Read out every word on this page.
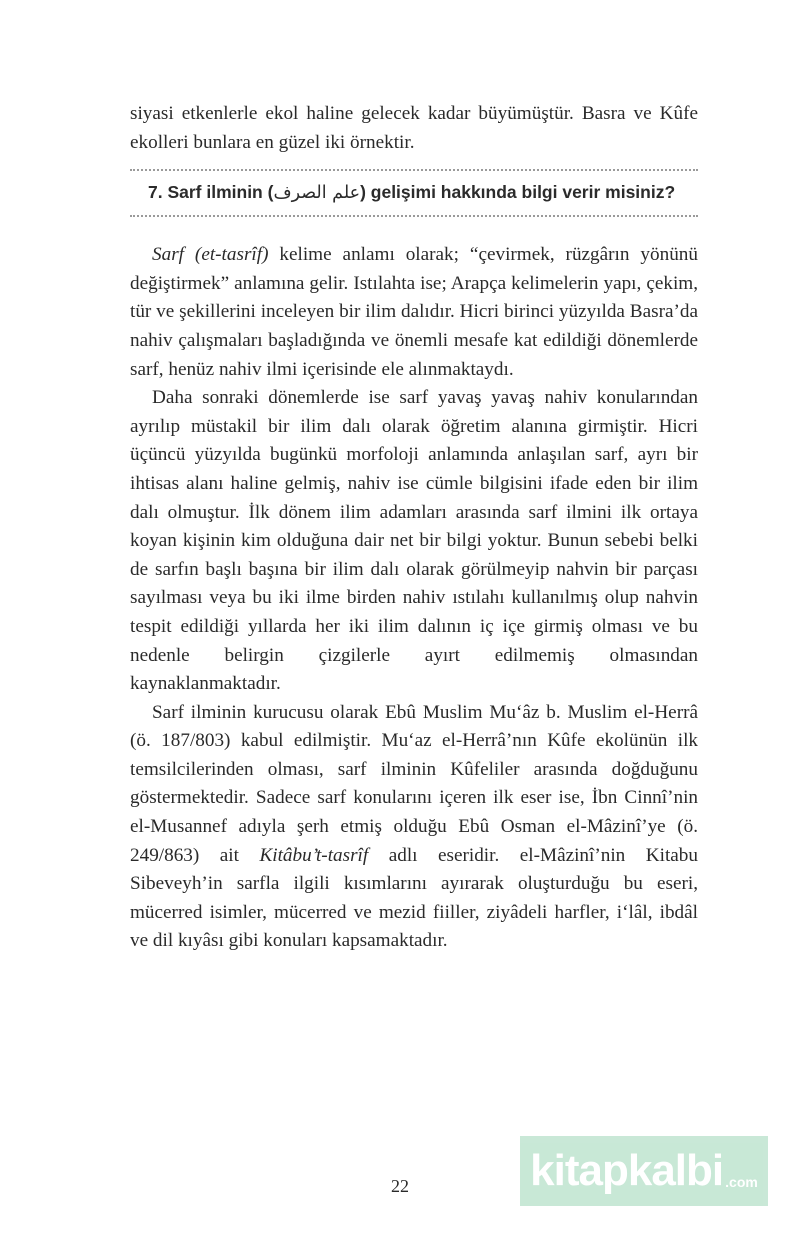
siyasi etkenlerle ekol haline gelecek kadar büyümüştür. Basra ve Kûfe ekolleri bunlara en güzel iki örnektir.

7. Sarf ilminin (علم الصرف) gelişimi hakkında bilgi verir misiniz?

Sarf (et-tasrîf) kelime anlamı olarak; “çevirmek, rüzgârın yönünü değiştirmek” anlamına gelir. Istılahta ise; Arapça kelimelerin yapı, çekim, tür ve şekillerini inceleyen bir ilim dalıdır. Hicri birinci yüzyılda Basra’da nahiv çalışmaları başladığında ve önemli mesafe kat edildiği dönemlerde sarf, henüz nahiv ilmi içerisinde ele alınmaktaydı.

Daha sonraki dönemlerde ise sarf yavaş yavaş nahiv konularından ayrılıp müstakil bir ilim dalı olarak öğretim alanına girmiştir. Hicri üçüncü yüzyılda bugünkü morfoloji anlamında anlaşılan sarf, ayrı bir ihtisas alanı haline gelmiş, nahiv ise cümle bilgisini ifade eden bir ilim dalı olmuştur. İlk dönem ilim adamları arasında sarf ilmini ilk ortaya koyan kişinin kim olduğuna dair net bir bilgi yoktur. Bunun sebebi belki de sarfın başlı başına bir ilim dalı olarak görülmeyip nahvin bir parçası sayılması veya bu iki ilme birden nahiv ıstılahı kullanılmış olup nahvin tespit edildiği yıllarda her iki ilim dalının iç içe girmiş olması ve bu nedenle belirgin çizgilerle ayırt edilmemiş olmasından kaynaklanmaktadır.

Sarf ilminin kurucusu olarak Ebû Muslim Mu‘âz b. Muslim el-Herrâ (ö. 187/803) kabul edilmiştir. Mu‘az el-Herrâ’nın Kûfe ekolünün ilk temsilcilerinden olması, sarf ilminin Kûfeliler arasında doğduğunu göstermektedir. Sadece sarf konularını içeren ilk eser ise, İbn Cinnî’nin el-Musannef adıyla şerh etmiş olduğu Ebû Osman el-Mâzinî’ye (ö. 249/863) ait Kitâbu’t-tasrîf adlı eseridir. el-Mâzinî’nin Kitabu Sibeveyh’in sarfla ilgili kısımlarını ayırarak oluşturduğu bu eseri, mücerred isimler, mücerred ve mezid fiiller, ziyâdeli harfler, i‘lâl, ibdâl ve dil kıyâsı gibi konuları kapsamaktadır.

22	kitapkalbi .com
